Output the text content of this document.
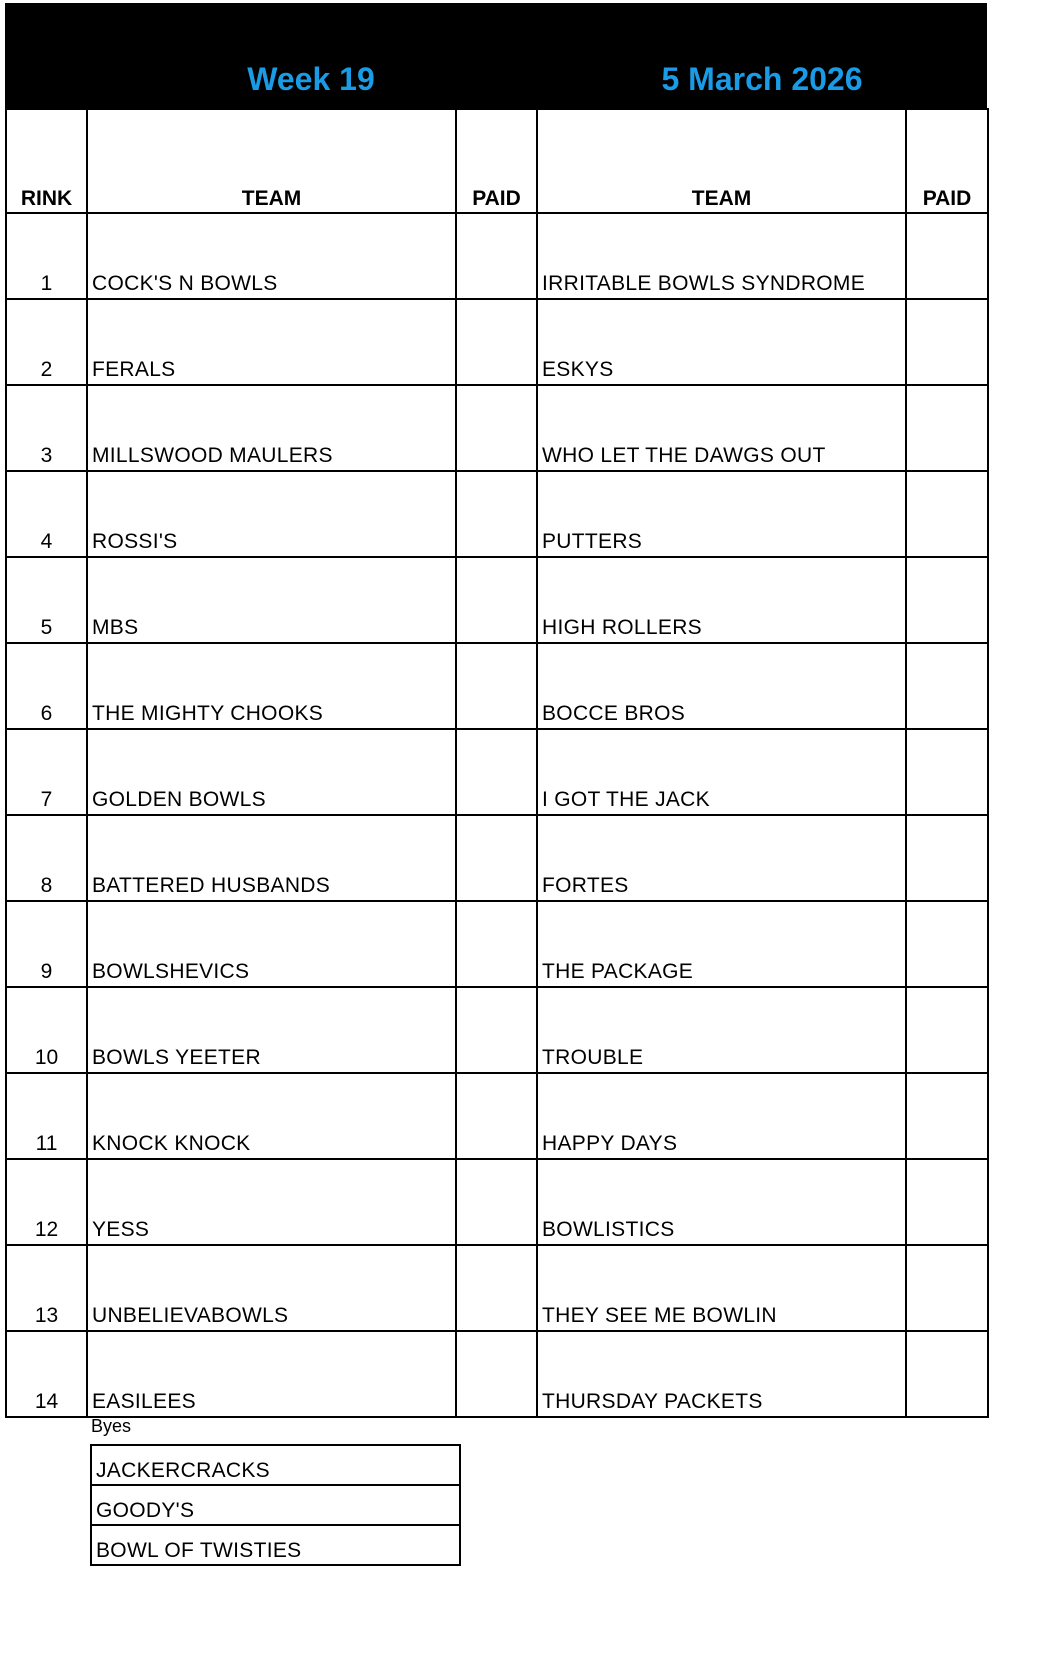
Week 19	5 March 2026
RINK	TEAM	PAID	TEAM	PAID
1	COCK'S N BOWLS		IRRITABLE BOWLS SYNDROME	
2	FERALS		ESKYS	
3	MILLSWOOD MAULERS		WHO LET THE DAWGS OUT	
4	ROSSI'S		PUTTERS	
5	MBS		HIGH ROLLERS	
6	THE MIGHTY CHOOKS		BOCCE BROS	
7	GOLDEN BOWLS		I GOT THE JACK	
8	BATTERED HUSBANDS		FORTES	
9	BOWLSHEVICS		THE PACKAGE	
10	BOWLS YEETER		TROUBLE	
11	KNOCK KNOCK		HAPPY DAYS	
12	YESS		BOWLISTICS	
13	UNBELIEVABOWLS		THEY SEE ME BOWLIN	
14	EASILEES		THURSDAY PACKETS	
Byes
JACKERCRACKS
GOODY'S
BOWL OF TWISTIES
